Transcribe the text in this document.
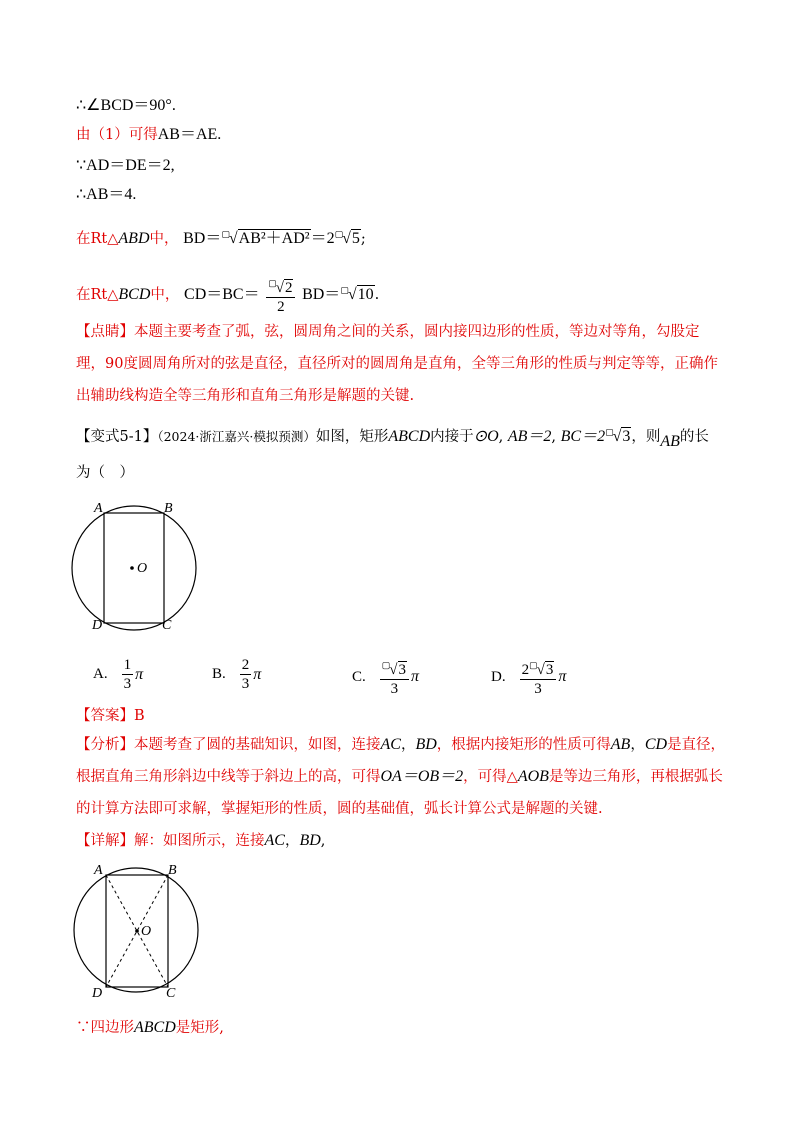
∴∠BCD＝90°.
由（1）可得AB＝AE.
∵AD＝DE＝2,
∴AB＝4.
在Rt△ABD中， BD＝▢√AB²＋AD²＝2▢√5;
在Rt△BCD中， $CD=BC= \frac{^▢√2}{2} BD=^▢√10$.
【点睛】本题主要考查了弧，弦，圆周角之间的关系，圆内接四边形的性质，等边对等角，勾股定理，90度圆周角所对的弦是直径，直径所对的圆周角是直角，全等三角形的性质与判定等等，正确作出辅助线构造全等三角形和直角三角形是解题的关键.
【变式5-1】（2024·浙江嘉兴·模拟预测）如图，矩形ABCD内接于⊙O, AB＝2, BC＝2▢√3，则AB的长
为（　）
A	B
C
D
O
A. $\frac{1}{3}$ π	B. $\frac{2}{3}$ π	C. $\frac{^▢√3}{3}$ π	D. $\frac{2^▢√3}{3}$ π
【答案】B
【分析】本题考查了圆的基础知识，如图，连接AC，BD，根据内接矩形的性质可得AB，CD是直径，根据直角三角形斜边中线等于斜边上的高，可得OA＝OB＝2，可得△AOB是等边三角形，再根据弧长的计算方法即可求解，掌握矩形的性质，圆的基础值，弧长计算公式是解题的关键.
【详解】解：如图所示，连接AC，BD,
A	B
C
D
O
∵四边形ABCD是矩形,
